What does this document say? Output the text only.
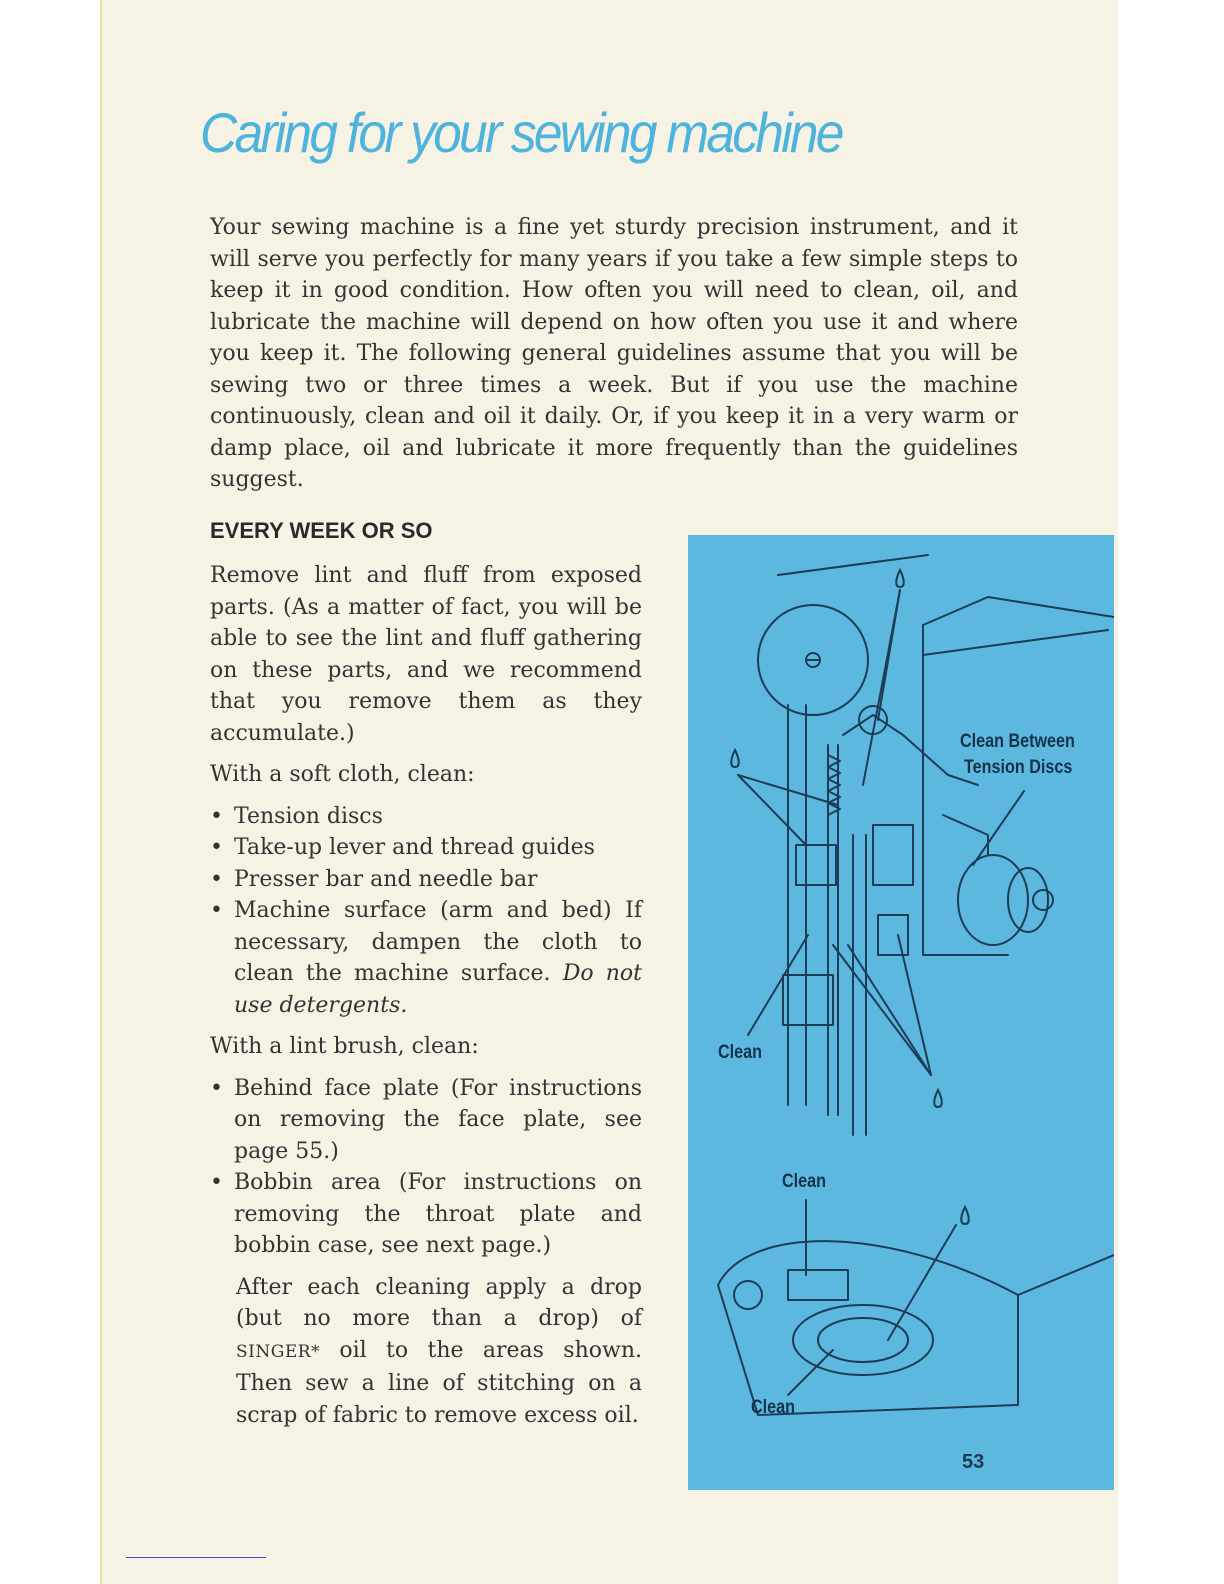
Caring for your sewing machine

Your sewing machine is a fine yet sturdy precision instrument, and it will serve you perfectly for many years if you take a few simple steps to keep it in good condition. How often you will need to clean, oil, and lubricate the machine will depend on how often you use it and where you keep it. The following general guidelines assume that you will be sewing two or three times a week. But if you use the machine continuously, clean and oil it daily. Or, if you keep it in a very warm or damp place, oil and lubricate it more frequently than the guidelines suggest.

EVERY WEEK OR SO

Remove lint and fluff from exposed parts. (As a matter of fact, you will be able to see the lint and fluff gathering on these parts, and we recommend that you remove them as they accumulate.)

With a soft cloth, clean:

• Tension discs
• Take-up lever and thread guides
• Presser bar and needle bar
• Machine surface (arm and bed) If necessary, dampen the cloth to clean the machine surface. Do not use detergents.

With a lint brush, clean:

• Behind face plate (For instructions on removing the face plate, see page 55.)
• Bobbin area (For instructions on removing the throat plate and bobbin case, see next page.)

After each cleaning apply a drop (but no more than a drop) of SINGER* oil to the areas shown. Then sew a line of stitching on a scrap of fabric to remove excess oil.

Clean Between
Tension Discs
Clean
Clean
Clean
53
